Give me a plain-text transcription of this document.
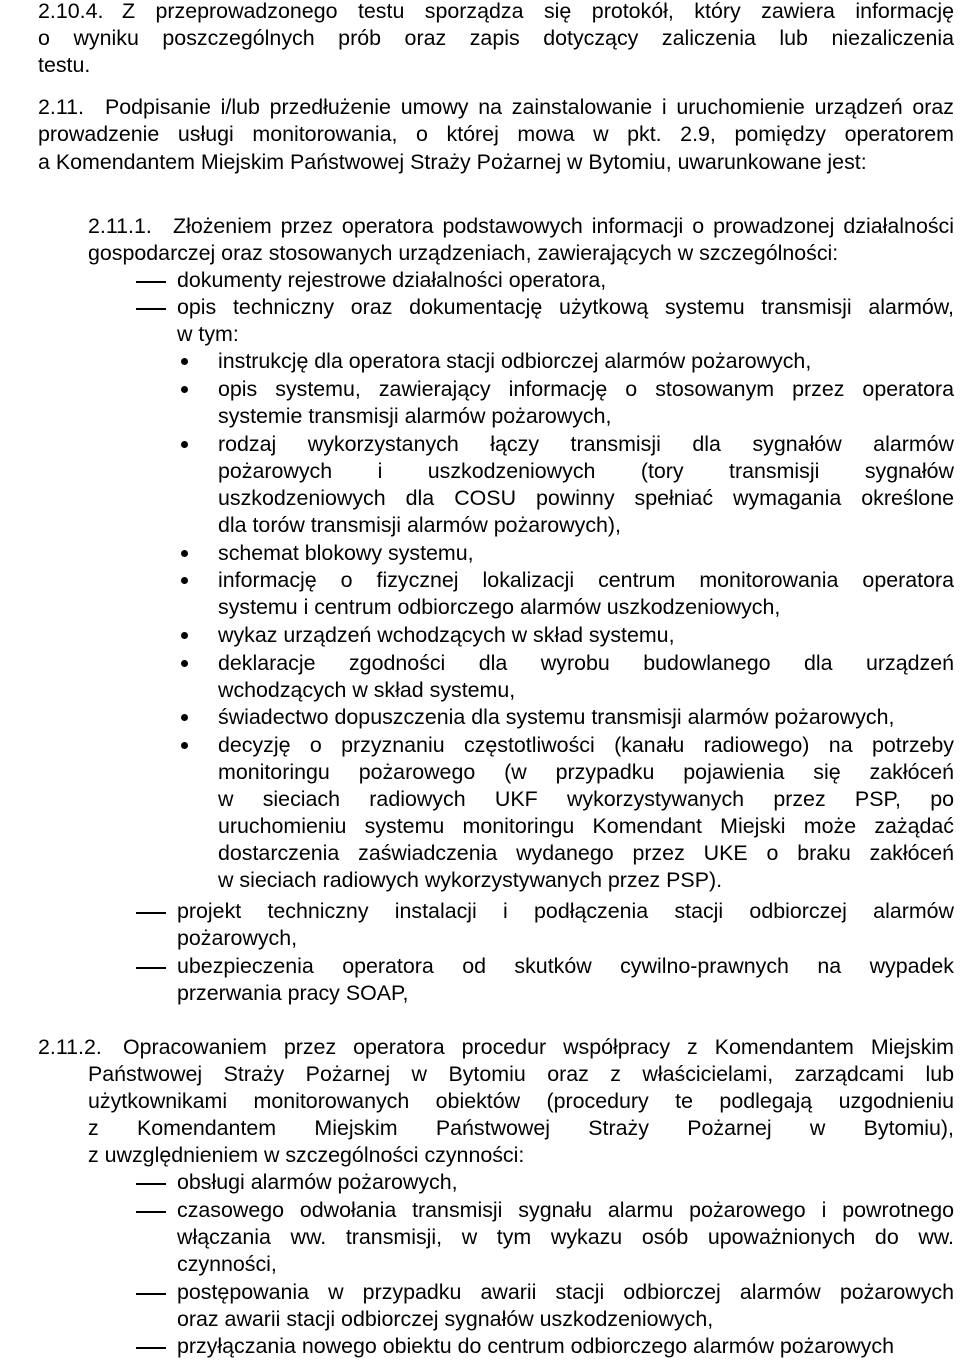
2.10.4. Z przeprowadzonego testu sporządza się protokół, który zawiera informację
o wyniku poszczególnych prób oraz zapis dotyczący zaliczenia lub niezaliczenia
testu.
2.11. Podpisanie i/lub przedłużenie umowy na zainstalowanie i uruchomienie urządzeń oraz
prowadzenie usługi monitorowania, o której mowa w pkt. 2.9, pomiędzy operatorem
a Komendantem Miejskim Państwowej Straży Pożarnej w Bytomiu, uwarunkowane jest:
2.11.1. Złożeniem przez operatora podstawowych informacji o prowadzonej działalności
gospodarczej oraz stosowanych urządzeniach, zawierających w szczególności:
dokumenty rejestrowe działalności operatora,
opis techniczny oraz dokumentację użytkową systemu transmisji alarmów,
w tym:
instrukcję dla operatora stacji odbiorczej alarmów pożarowych,
opis systemu, zawierający informację o stosowanym przez operatora
systemie transmisji alarmów pożarowych,
rodzaj wykorzystanych łączy transmisji dla sygnałów alarmów
pożarowych i uszkodzeniowych (tory transmisji sygnałów
uszkodzeniowych dla COSU powinny spełniać wymagania określone
dla torów transmisji alarmów pożarowych),
schemat blokowy systemu,
informację o fizycznej lokalizacji centrum monitorowania operatora
systemu i centrum odbiorczego alarmów uszkodzeniowych,
wykaz urządzeń wchodzących w skład systemu,
deklaracje zgodności dla wyrobu budowlanego dla urządzeń
wchodzących w skład systemu,
świadectwo dopuszczenia dla systemu transmisji alarmów pożarowych,
decyzję o przyznaniu częstotliwości (kanału radiowego) na potrzeby
monitoringu pożarowego (w przypadku pojawienia się zakłóceń
w sieciach radiowych UKF wykorzystywanych przez PSP, po
uruchomieniu systemu monitoringu Komendant Miejski może zażądać
dostarczenia zaświadczenia wydanego przez UKE o braku zakłóceń
w sieciach radiowych wykorzystywanych przez PSP).
projekt techniczny instalacji i podłączenia stacji odbiorczej alarmów
pożarowych,
ubezpieczenia operatora od skutków cywilno-prawnych na wypadek
przerwania pracy SOAP,
2.11.2. Opracowaniem przez operatora procedur współpracy z Komendantem Miejskim
Państwowej Straży Pożarnej w Bytomiu oraz z właścicielami, zarządcami lub
użytkownikami monitorowanych obiektów (procedury te podlegają uzgodnieniu
z Komendantem Miejskim Państwowej Straży Pożarnej w Bytomiu),
z uwzględnieniem w szczególności czynności:
obsługi alarmów pożarowych,
czasowego odwołania transmisji sygnału alarmu pożarowego i powrotnego
włączania ww. transmisji, w tym wykazu osób upoważnionych do ww.
czynności,
postępowania w przypadku awarii stacji odbiorczej alarmów pożarowych
oraz awarii stacji odbiorczej sygnałów uszkodzeniowych,
przyłączania nowego obiektu do centrum odbiorczego alarmów pożarowych
